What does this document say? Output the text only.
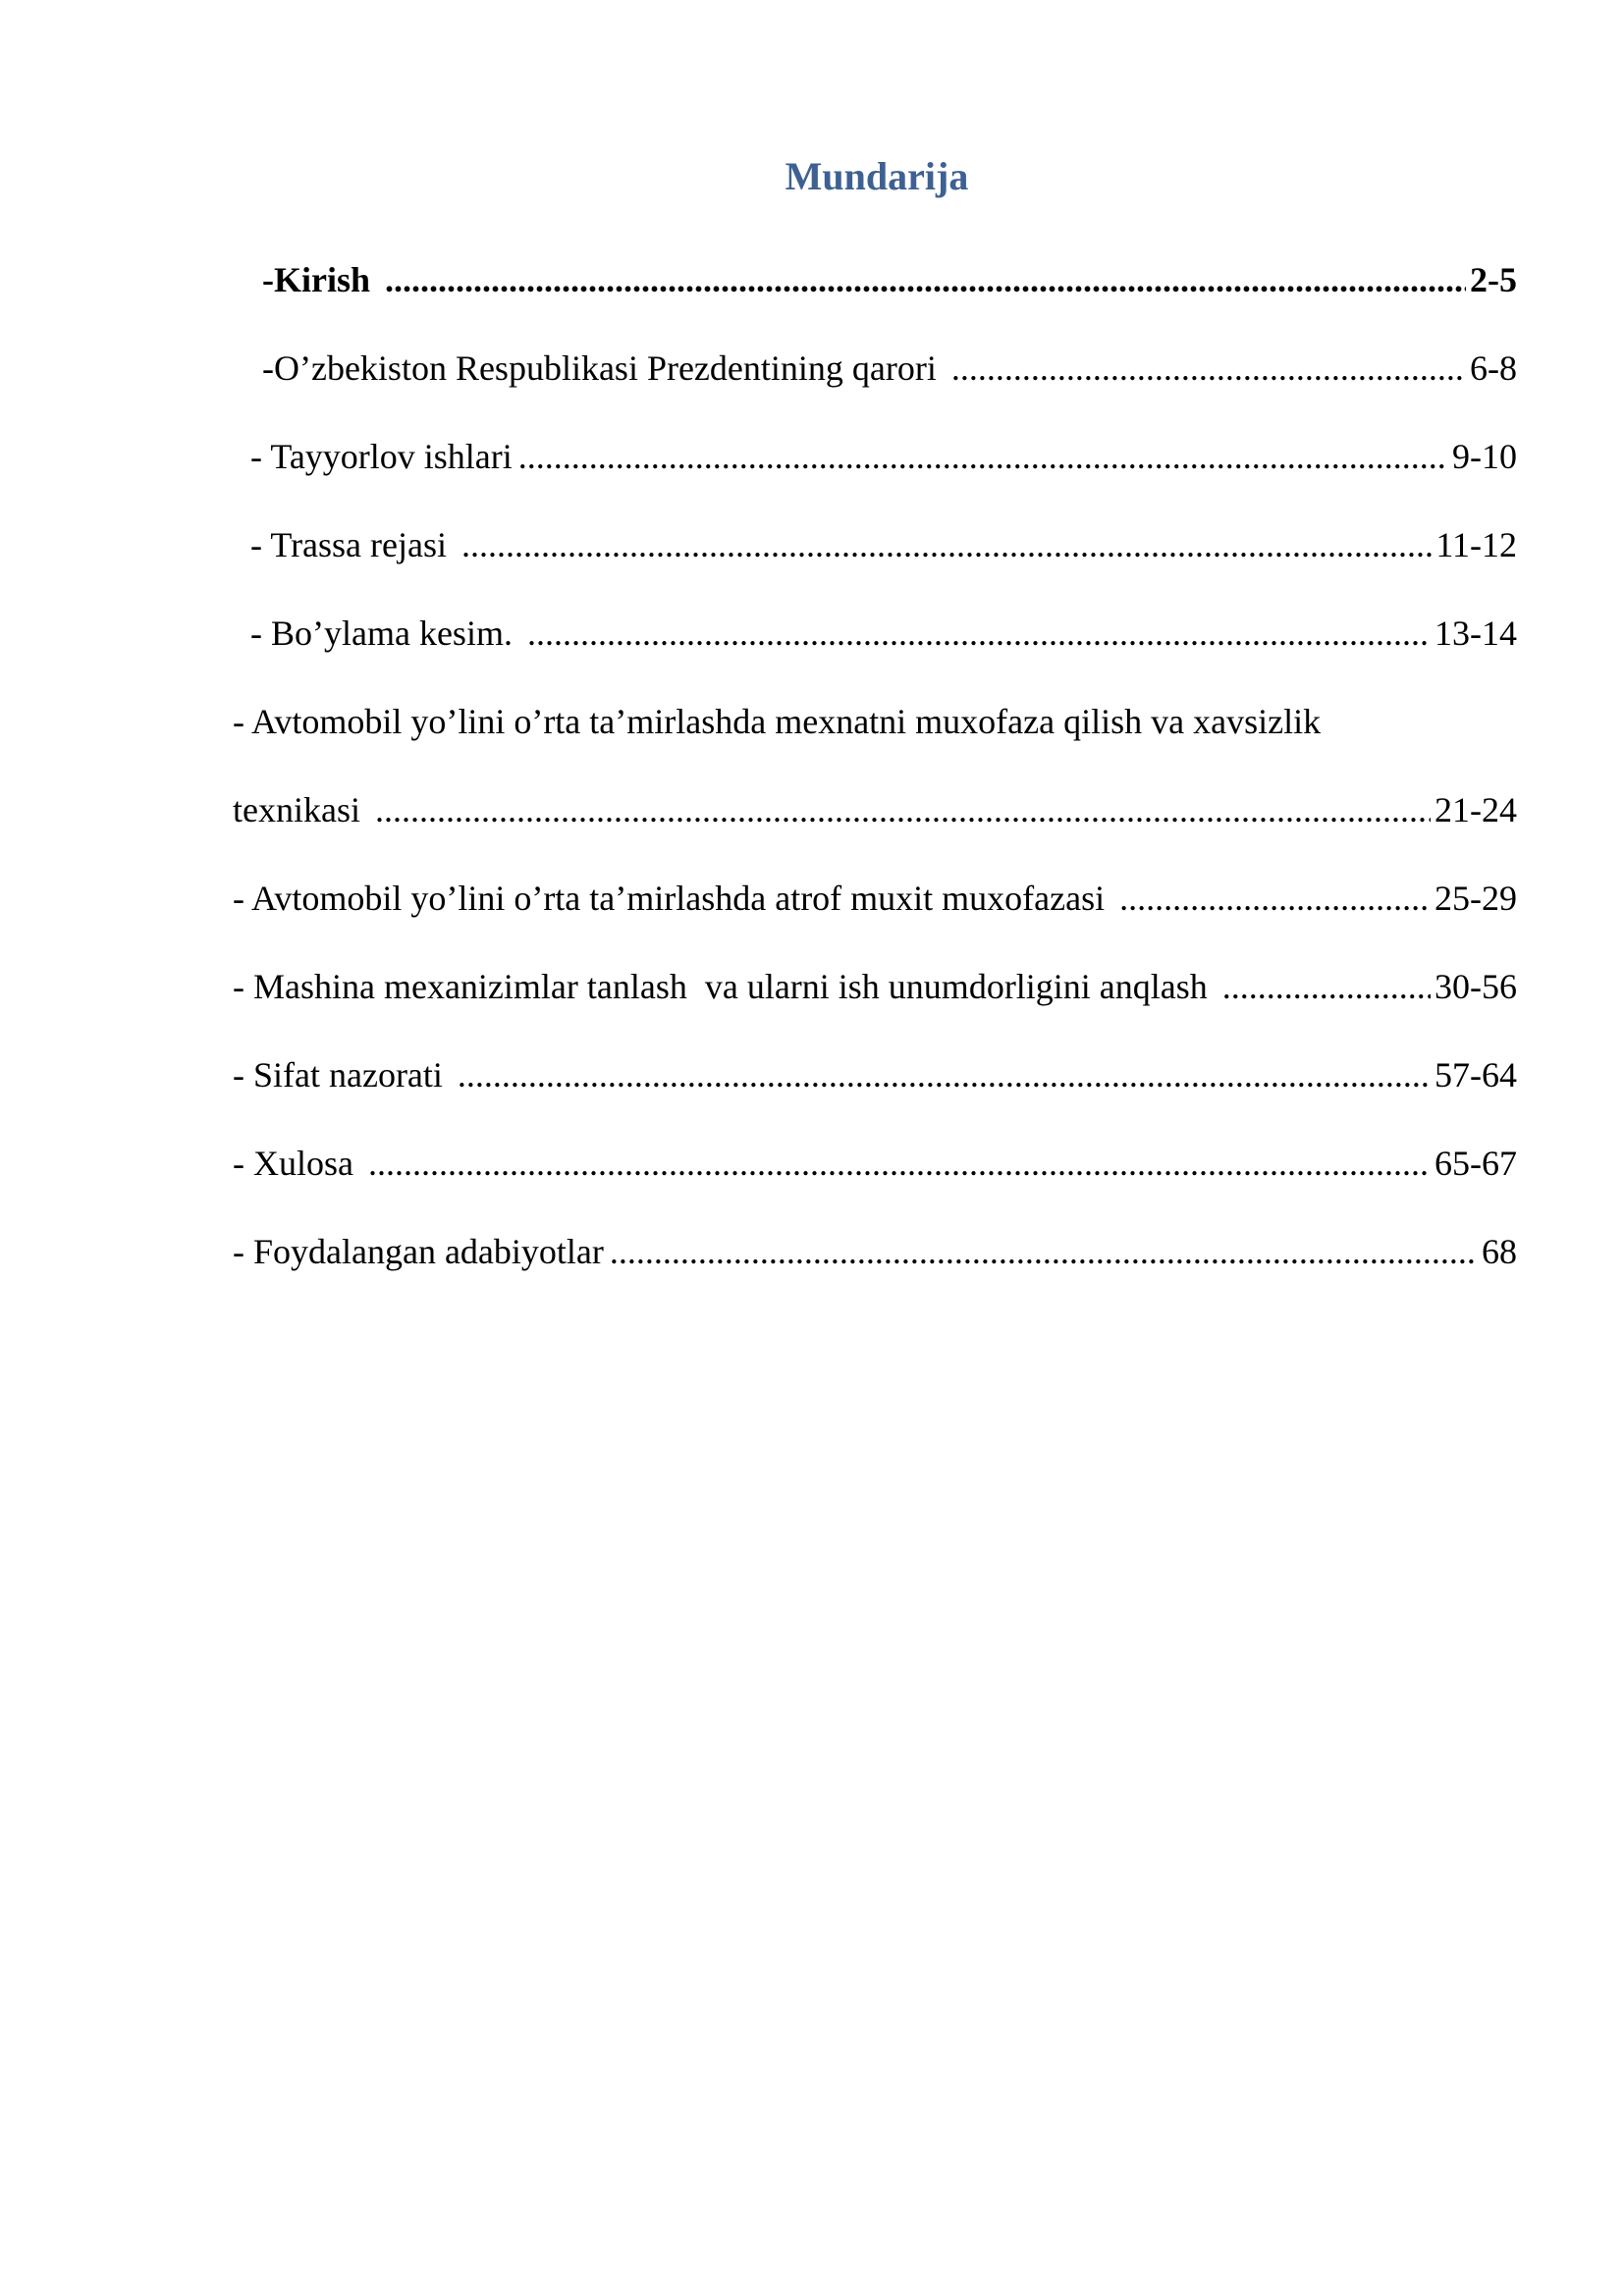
Mundarija
-Kirish .....	2-5
-O’zbekiston Respublikasi Prezdentining qarori .....	6-8
- Tayyorlov ishlari .....	9-10
- Trassa rejasi .....	11-12
- Bo’ylama kesim. .....	13-14
- Avtomobil yo’lini o’rta ta’mirlashda mexnatni muxofaza qilish va xavsizlik
texnikasi .....	21-24
- Avtomobil yo’lini o’rta ta’mirlashda atrof muxit muxofazasi .....	25-29
- Mashina mexanizimlar tanlash  va ularni ish unumdorligini anqlash .....	30-56
- Sifat nazorati .....	57-64
- Xulosa .....	65-67
- Foydalangan adabiyotlar .....	68
